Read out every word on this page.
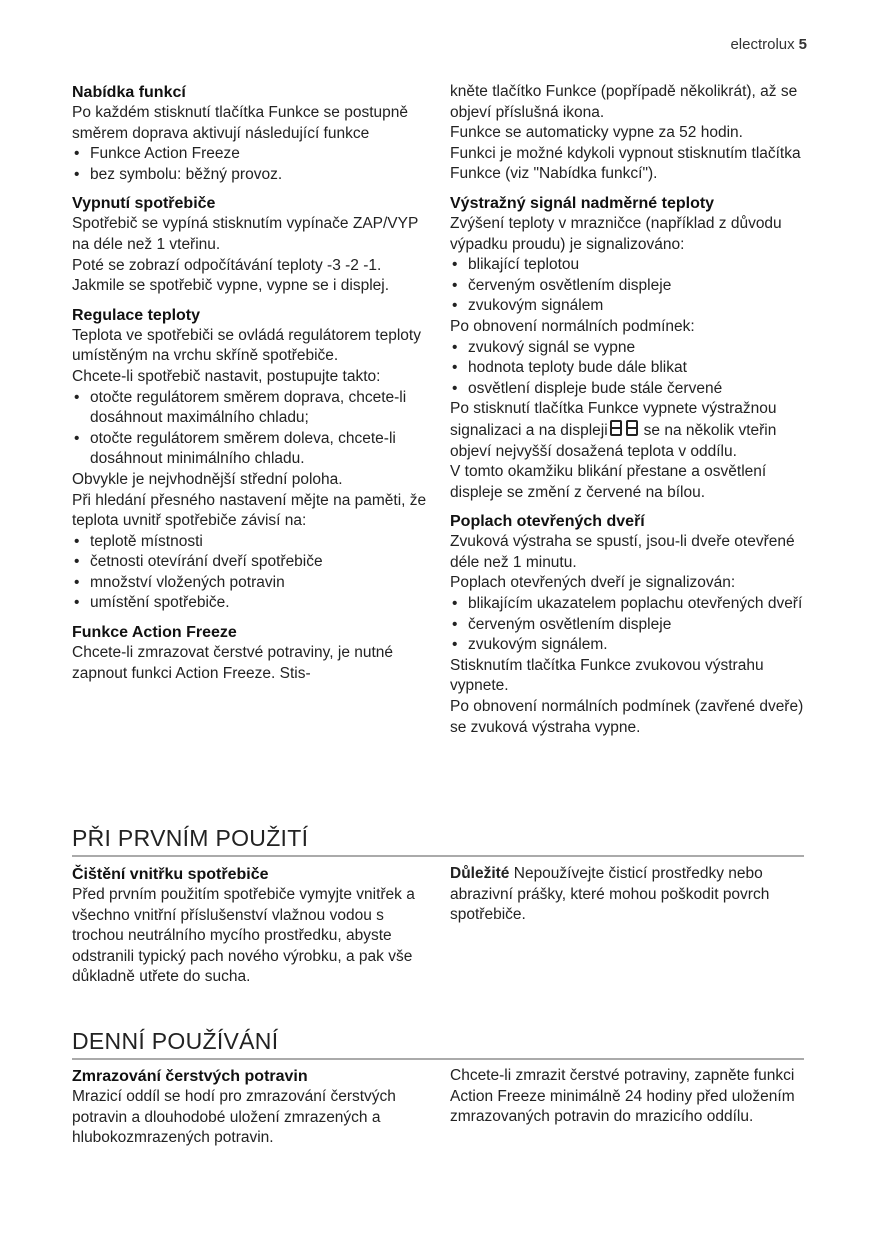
electrolux 5
Nabídka funkcí

Po každém stisknutí tlačítka Funkce se postupně směrem doprava aktivují následující funkce

• Funkce Action Freeze
• bez symbolu: běžný provoz.
Vypnutí spotřebiče

Spotřebič se vypíná stisknutím vypínače ZAP/VYP na déle než 1 vteřinu.

Poté se zobrazí odpočítávání teploty -3 -2 -1.

Jakmile se spotřebič vypne, vypne se i displej.

Regulace teploty

Teplota ve spotřebiči se ovládá regulátorem teploty umístěným na vrchu skříně spotřebiče.

Chcete-li spotřebič nastavit, postupujte takto:

• otočte regulátorem směrem doprava, chcete-li dosáhnout maximálního chladu;
• otočte regulátorem směrem doleva, chcete-li dosáhnout minimálního chladu.

Obvykle je nejvhodnější střední poloha.

Při hledání přesného nastavení mějte na paměti, že teplota uvnitř spotřebiče závisí na:

• teplotě místnosti
• četnosti otevírání dveří spotřebiče
• množství vložených potravin
• umístění spotřebiče.
Funkce Action Freeze

Chcete-li zmrazovat čerstvé potraviny, je nutné zapnout funkci Action Freeze. Stis-

kněte tlačítko Funkce (popřípadě několikrát), až se objeví příslušná ikona.

Funkce se automaticky vypne za 52 hodin.

Funkci je možné kdykoli vypnout stisknutím tlačítka Funkce (viz "Nabídka funkcí").

Výstražný signál nadměrné teploty

Zvýšení teploty v mrazničce (například z důvodu výpadku proudu) je signalizováno:

• blikající teplotou
• červeným osvětlením displeje
• zvukovým signálem

Po obnovení normálních podmínek:

• zvukový signál se vypne
• hodnota teploty bude dále blikat
• osvětlení displeje bude stále červené

Po stisknutí tlačítka Funkce vypnete výstražnou signalizaci a na displeji se na několik vteřin objeví nejvyšší dosažená teplota v oddílu.

V tomto okamžiku blikání přestane a osvětlení displeje se změní z červené na bílou.

Poplach otevřených dveří

Zvuková výstraha se spustí, jsou-li dveře otevřené déle než 1 minutu.

Poplach otevřených dveří je signalizován:

• blikajícím ukazatelem poplachu otevřených dveří
• červeným osvětlením displeje
• zvukovým signálem.

Stisknutím tlačítka Funkce zvukovou výstrahu vypnete.

Po obnovení normálních podmínek (zavřené dveře) se zvuková výstraha vypne.

PŘI PRVNÍM POUŽITÍ
Čištění vnitřku spotřebiče

Před prvním použitím spotřebiče vymyjte vnitřek a všechno vnitřní příslušenství vlažnou vodou s trochou neutrálního mycího prostředku, abyste odstranili typický pach nového výrobku, a pak vše důkladně utřete do sucha.

Důležité Nepoužívejte čisticí prostředky nebo abrazivní prášky, které mohou poškodit povrch spotřebiče.

DENNÍ POUŽÍVÁNÍ
Zmrazování čerstvých potravin

Mrazicí oddíl se hodí pro zmrazování čerstvých potravin a dlouhodobé uložení zmrazených a hlubokozmrazených potravin.

Chcete-li zmrazit čerstvé potraviny, zapněte funkci Action Freeze minimálně 24 hodiny před uložením zmrazovaných potravin do mrazicího oddílu.
